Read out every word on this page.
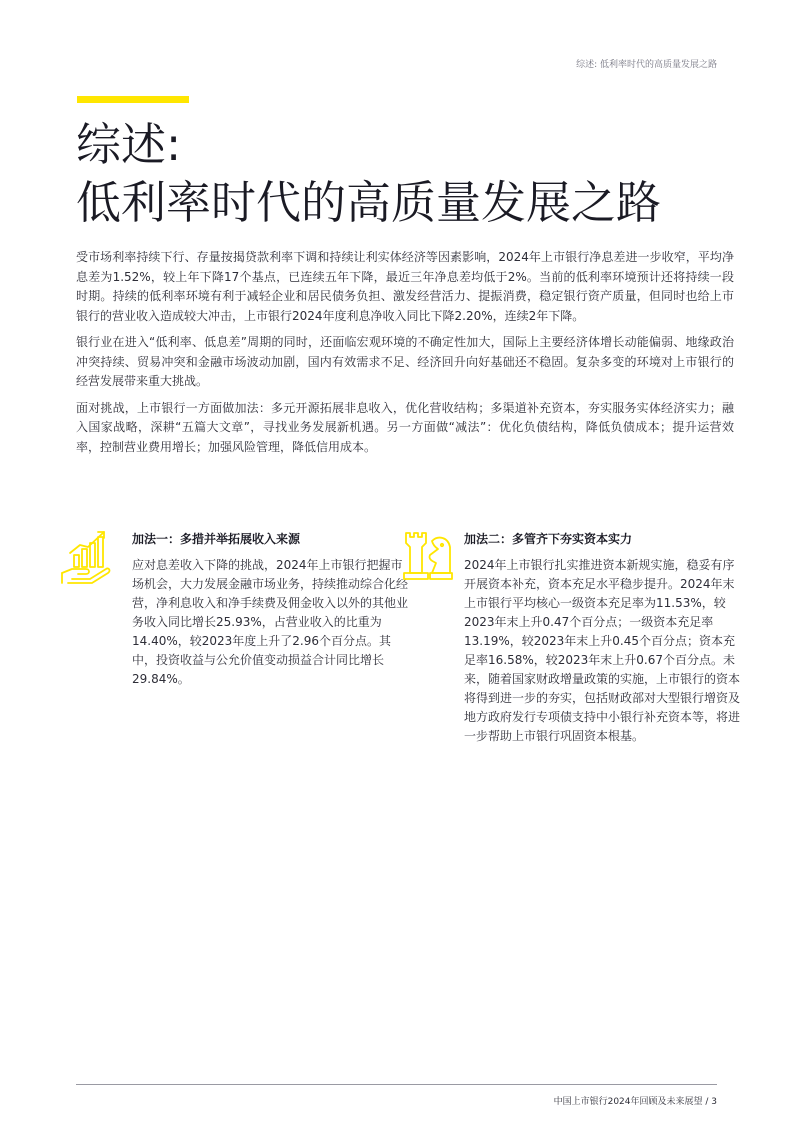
综述: 低利率时代的高质量发展之路
综述:
低利率时代的高质量发展之路

受市场利率持续下行、存量按揭贷款利率下调和持续让利实体经济等因素影响，2024年上市银行净息差进一步收窄，平均净息差为1.52%，较上年下降17个基点，已连续五年下降，最近三年净息差均低于2%。当前的低利率环境预计还将持续一段时期。持续的低利率环境有利于减轻企业和居民债务负担、激发经营活力、提振消费，稳定银行资产质量，但同时也给上市银行的营业收入造成较大冲击，上市银行2024年度利息净收入同比下降2.20%，连续2年下降。

银行业在进入“低利率、低息差”周期的同时，还面临宏观环境的不确定性加大，国际上主要经济体增长动能偏弱、地缘政治冲突持续、贸易冲突和金融市场波动加剧，国内有效需求不足、经济回升向好基础还不稳固。复杂多变的环境对上市银行的经营发展带来重大挑战。

面对挑战，上市银行一方面做加法：多元开源拓展非息收入，优化营收结构；多渠道补充资本，夯实服务实体经济实力；融入国家战略，深耕“五篇大文章”，寻找业务发展新机遇。另一方面做“减法”：优化负债结构，降低负债成本；提升运营效率，控制营业费用增长；加强风险管理，降低信用成本。

加法一：多措并举拓展收入来源

应对息差收入下降的挑战，2024年上市银行把握市场机会，大力发展金融市场业务，持续推动综合化经营，净利息收入和净手续费及佣金收入以外的其他业务收入同比增长25.93%，占营业收入的比重为14.40%，较2023年度上升了2.96个百分点。其中，投资收益与公允价值变动损益合计同比增长29.84%。

加法二：多管齐下夯实资本实力

2024年上市银行扎实推进资本新规实施，稳妥有序开展资本补充，资本充足水平稳步提升。2024年末上市银行平均核心一级资本充足率为11.53%，较2023年末上升0.47个百分点；一级资本充足率13.19%，较2023年末上升0.45个百分点；资本充足率16.58%，较2023年末上升0.67个百分点。未来，随着国家财政增量政策的实施，上市银行的资本将得到进一步的夯实，包括财政部对大型银行增资及地方政府发行专项债支持中小银行补充资本等，将进一步帮助上市银行巩固资本根基。

中国上市银行2024年回顾及未来展望 / 3
